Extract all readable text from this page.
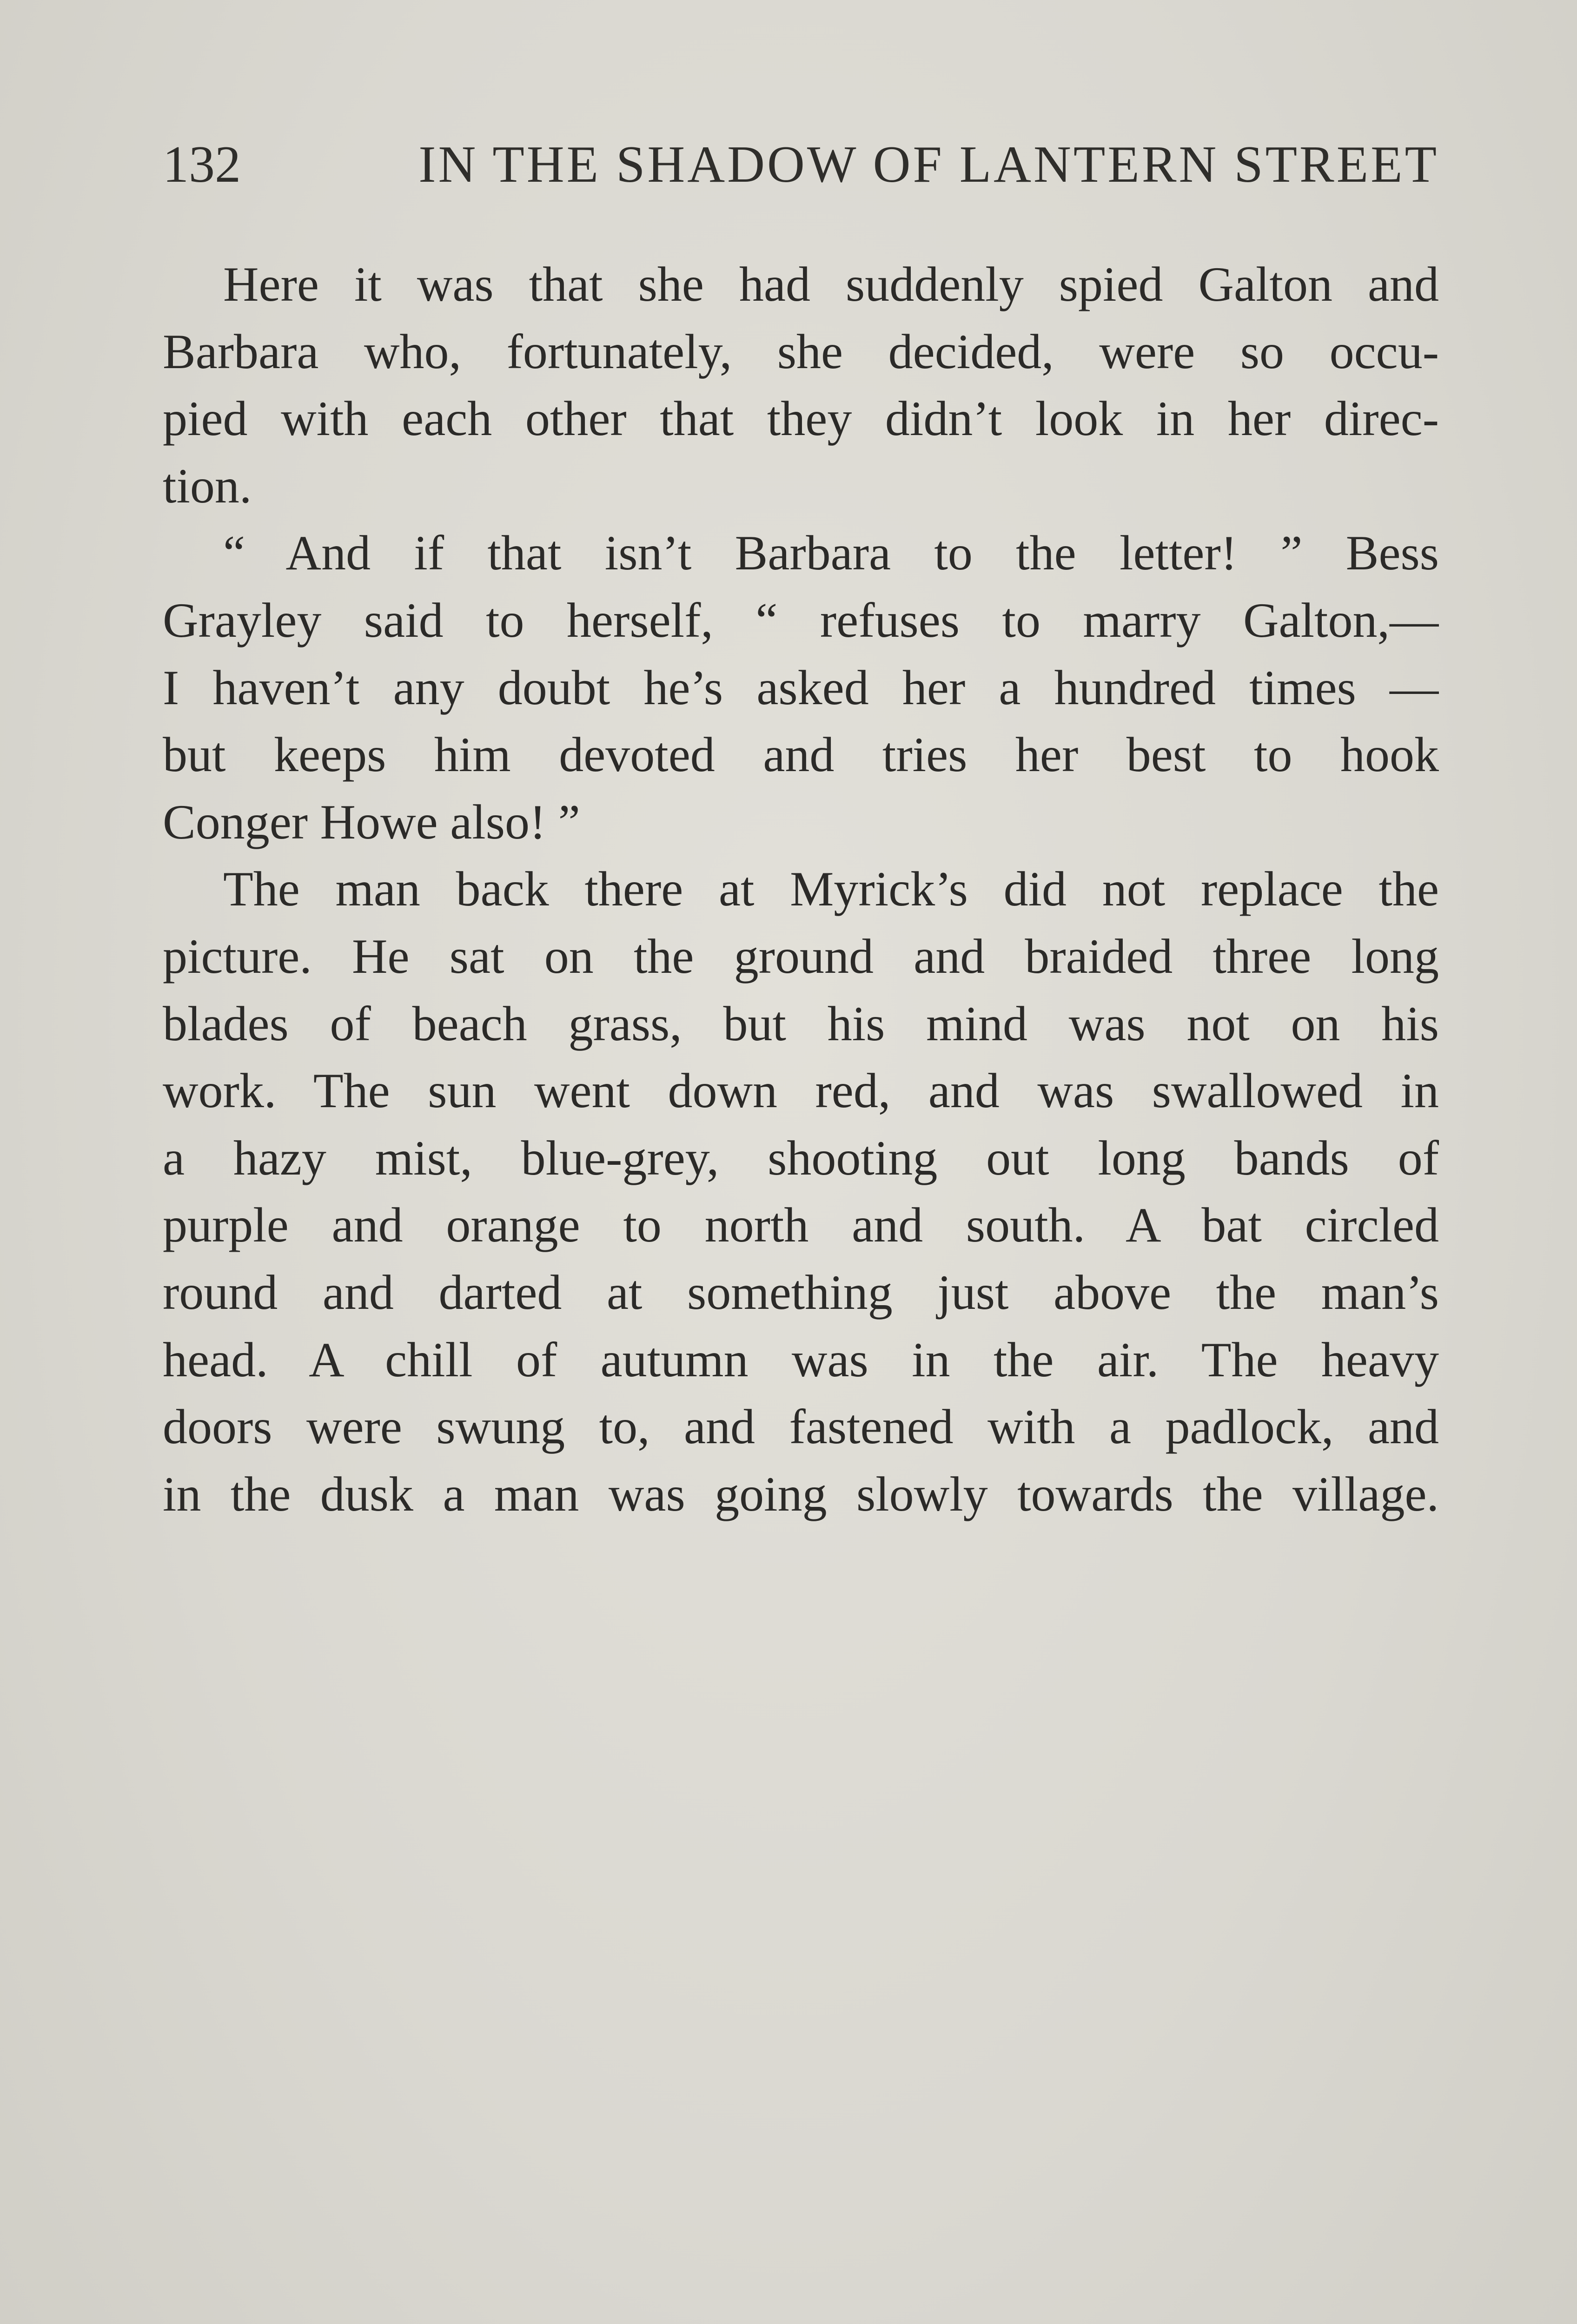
132	IN THE SHADOW OF LANTERN STREET
Here it was that she had suddenly spied Galton and
Barbara who, fortunately, she decided, were so occu-
pied with each other that they didn’t look in her direc-
tion.
“ And if that isn’t Barbara to the letter! ” Bess
Grayley said to herself, “ refuses to marry Galton,—
I haven’t any doubt he’s asked her a hundred times —
but keeps him devoted and tries her best to hook
Conger Howe also! ”
The man back there at Myrick’s did not replace the
picture. He sat on the ground and braided three long
blades of beach grass, but his mind was not on his
work. The sun went down red, and was swallowed in
a hazy mist, blue-grey, shooting out long bands of
purple and orange to north and south. A bat circled
round and darted at something just above the man’s
head. A chill of autumn was in the air. The heavy
doors were swung to, and fastened with a padlock, and
in the dusk a man was going slowly towards the village.
